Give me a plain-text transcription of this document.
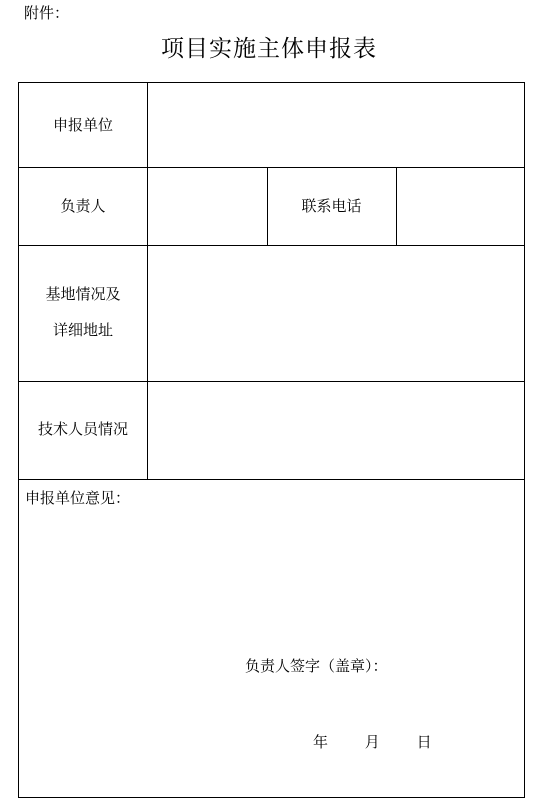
附件：
项目实施主体申报表
申报单位
负责人	联系电话
基地情况及
详细地址
技术人员情况
申报单位意见：
负责人签字（盖章）：
年 月 日
